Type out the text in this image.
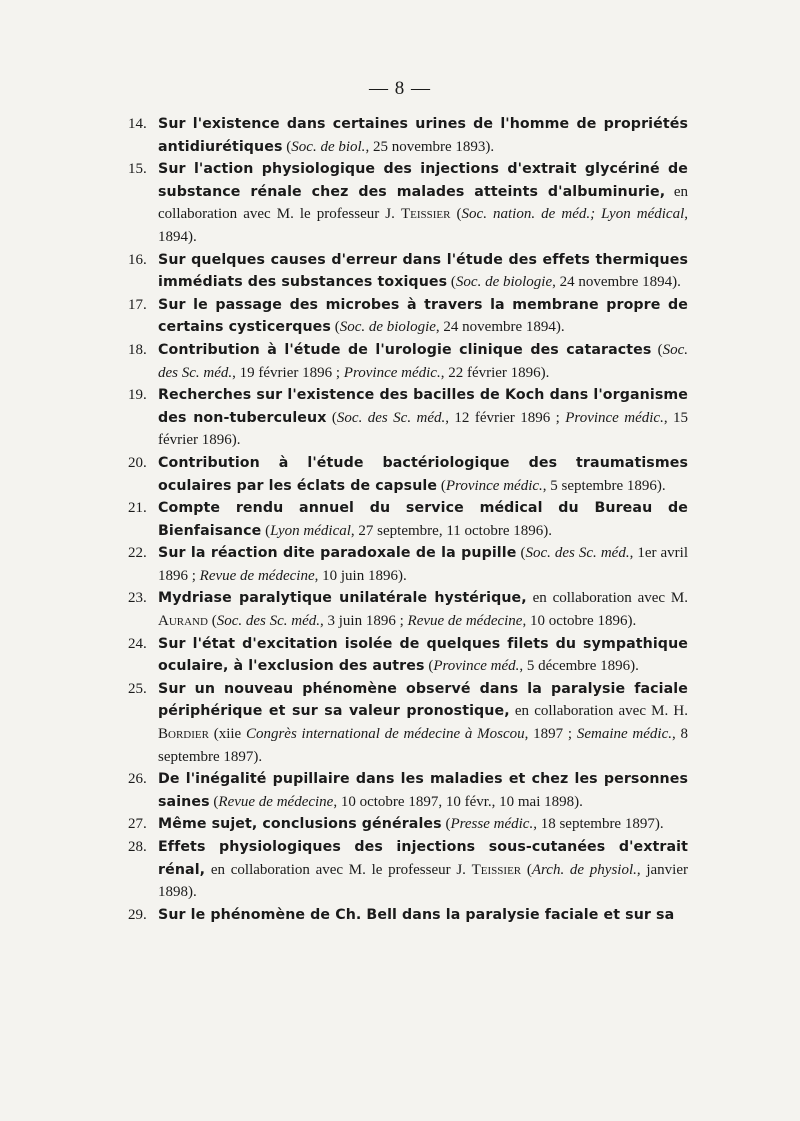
— 8 —
14. Sur l'existence dans certaines urines de l'homme de propriétés antidiurétiques (Soc. de biol., 25 novembre 1893).
15. Sur l'action physiologique des injections d'extrait glycériné de substance rénale chez des malades atteints d'albuminurie, en collaboration avec M. le professeur J. Teissier (Soc. nation. de méd.; Lyon médical, 1894).
16. Sur quelques causes d'erreur dans l'étude des effets thermiques immédiats des substances toxiques (Soc. de biologie, 24 novembre 1894).
17. Sur le passage des microbes à travers la membrane propre de certains cysticerques (Soc. de biologie, 24 novembre 1894).
18. Contribution à l'étude de l'urologie clinique des cataractes (Soc. des Sc. méd., 19 février 1896 ; Province médic., 22 février 1896).
19. Recherches sur l'existence des bacilles de Koch dans l'organisme des non-tuberculeux (Soc. des Sc. méd., 12 février 1896 ; Province médic., 15 février 1896).
20. Contribution à l'étude bactériologique des traumatismes oculaires par les éclats de capsule (Province médic., 5 septembre 1896).
21. Compte rendu annuel du service médical du Bureau de Bienfaisance (Lyon médical, 27 septembre, 11 octobre 1896).
22. Sur la réaction dite paradoxale de la pupille (Soc. des Sc. méd., 1er avril 1896 ; Revue de médecine, 10 juin 1896).
23. Mydriase paralytique unilatérale hystérique, en collaboration avec M. Aurand (Soc. des Sc. méd., 3 juin 1896 ; Revue de médecine, 10 octobre 1896).
24. Sur l'état d'excitation isolée de quelques filets du sympathique oculaire, à l'exclusion des autres (Province méd., 5 décembre 1896).
25. Sur un nouveau phénomène observé dans la paralysie faciale périphérique et sur sa valeur pronostique, en collaboration avec M. H. Bordier (xiie Congrès international de médecine à Moscou, 1897 ; Semaine médic., 8 septembre 1897).
26. De l'inégalité pupillaire dans les maladies et chez les personnes saines (Revue de médecine, 10 octobre 1897, 10 févr., 10 mai 1898).
27. Même sujet, conclusions générales (Presse médic., 18 septembre 1897).
28. Effets physiologiques des injections sous-cutanées d'extrait rénal, en collaboration avec M. le professeur J. Teissier (Arch. de physiol., janvier 1898).
29. Sur le phénomène de Ch. Bell dans la paralysie faciale et sur sa
